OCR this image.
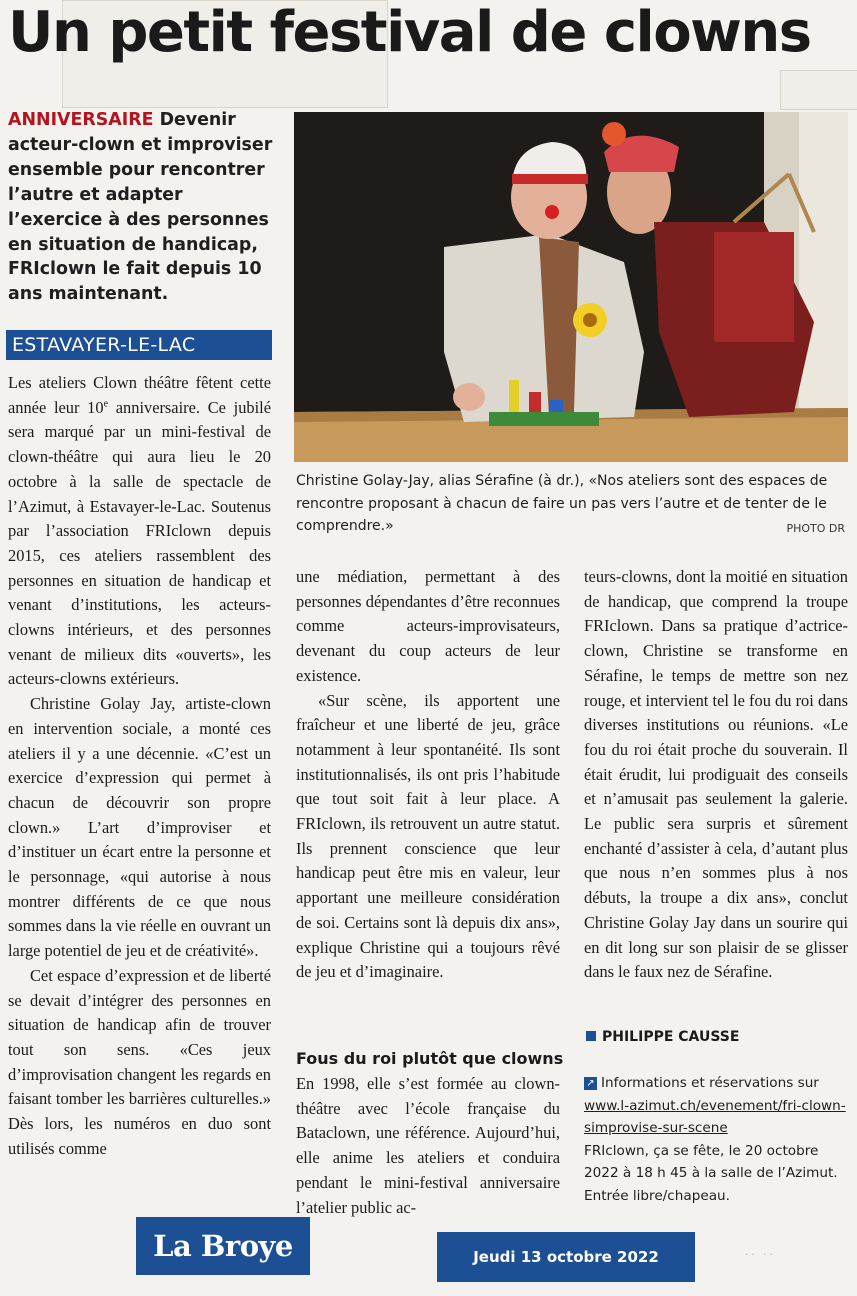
Un petit festival de clowns
ANNIVERSAIRE Devenir acteur-clown et improviser ensemble pour rencontrer l’autre et adapter l’exercice à des personnes en situation de handicap, FRIclown le fait depuis 10 ans maintenant.
ESTAVAYER-LE-LAC

Les ateliers Clown théâtre fêtent cette année leur 10e anniversaire. Ce jubilé sera marqué par un mini-festival de clown-théâtre qui aura lieu le 20 octobre à la salle de spectacle de l’Azimut, à Estavayer-le-Lac. Soutenus par l’association FRIclown depuis 2015, ces ateliers rassemblent des personnes en situation de handicap et venant d’institutions, les acteurs-clowns intérieurs, et des personnes venant de milieux dits «ouverts», les acteurs-clowns extérieurs.

Christine Golay Jay, artiste-clown en intervention sociale, a monté ces ateliers il y a une décennie. «C’est un exercice d’expression qui permet à chacun de découvrir son propre clown.» L’art d’improviser et d’instituer un écart entre la personne et le personnage, «qui autorise à nous montrer différents de ce que nous sommes dans la vie réelle en ouvrant un large potentiel de jeu et de créativité».

Cet espace d’expression et de liberté se devait d’intégrer des personnes en situation de handicap afin de trouver tout son sens. «Ces jeux d’improvisation changent les regards en faisant tomber les barrières culturelles.» Dès lors, les numéros en duo sont utilisés comme

Christine Golay-Jay, alias Sérafine (à dr.), «Nos ateliers sont des espaces de rencontre proposant à chacun de faire un pas vers l’autre et de tenter de le comprendre.»	PHOTO DR

une médiation, permettant à des personnes dépendantes d’être reconnues comme acteurs-improvisateurs, devenant du coup acteurs de leur existence.

«Sur scène, ils apportent une fraîcheur et une liberté de jeu, grâce notamment à leur spontanéité. Ils sont institutionnalisés, ils ont pris l’habitude que tout soit fait à leur place. A FRIclown, ils retrouvent un autre statut. Ils prennent conscience que leur handicap peut être mis en valeur, leur apportant une meilleure considération de soi. Certains sont là depuis dix ans», explique Christine qui a toujours rêvé de jeu et d’imaginaire.

Fous du roi plutôt que clowns

En 1998, elle s’est formée au clown-théâtre avec l’école française du Bataclown, une référence. Aujourd’hui, elle anime les ateliers et conduira pendant le mini-festival anniversaire l’atelier public ac-

teurs-clowns, dont la moitié en situation de handicap, que comprend la troupe FRIclown. Dans sa pratique d’actrice-clown, Christine se transforme en Sérafine, le temps de mettre son nez rouge, et intervient tel le fou du roi dans diverses institutions ou réunions. «Le fou du roi était proche du souverain. Il était érudit, lui prodiguait des conseils et n’amusait pas seulement la galerie. Le public sera surpris et sûrement enchanté d’assister à cela, d’autant plus que nous n’en sommes plus à nos débuts, la troupe a dix ans», conclut Christine Golay Jay dans un sourire qui en dit long sur son plaisir de se glisser dans le faux nez de Sérafine.

PHILIPPE CAUSSE
↗ Informations et réservations sur
www.l-azimut.ch/evenement/fri-clown-simprovise-sur-scene
FRIclown, ça se fête, le 20 octobre 2022 à 18 h 45 à la salle de l’Azimut. Entrée libre/chapeau.
La Broye	Jeudi 13 octobre 2022	·· ··
